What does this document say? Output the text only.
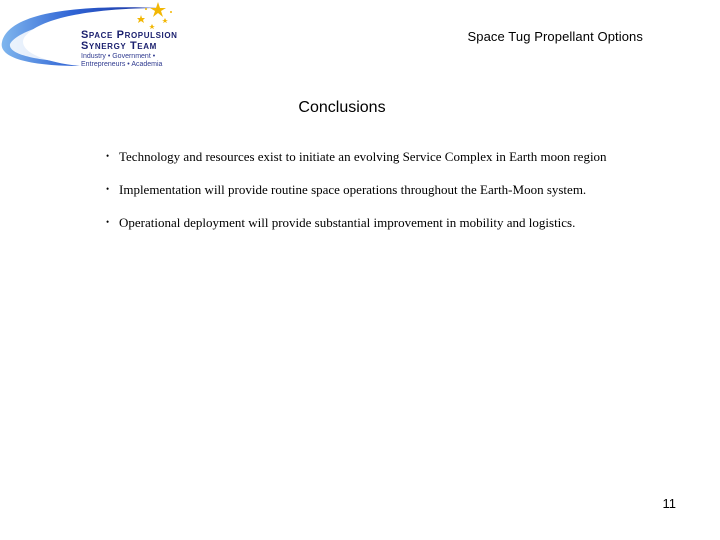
Space Propulsion
Synergy Team
Industry • Government •
Entrepreneurs • Academia
Space Tug Propellant Options
Conclusions
• Technology and resources exist to initiate an evolving Service Complex in Earth moon region
• Implementation will provide routine space operations throughout the Earth-Moon system.
• Operational deployment will provide substantial improvement in mobility and logistics.
11
